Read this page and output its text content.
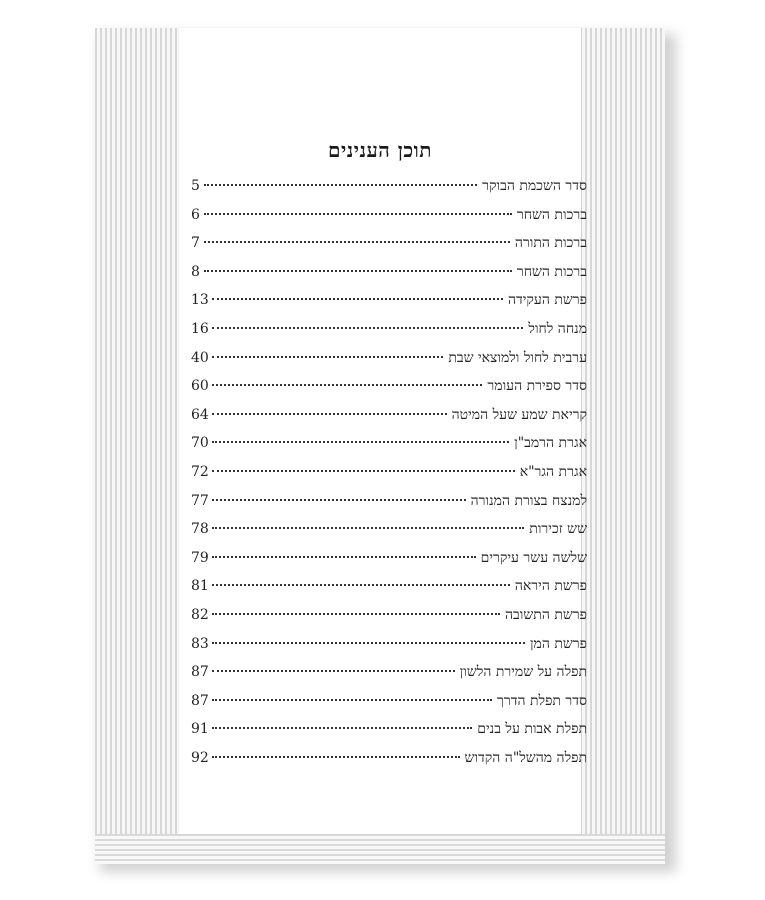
תוכן הענינים
סדר השכמת הבוקר
5
ברכות השחר
6
ברכות התורה
7
ברכות השחר
8
פרשת העקידה
13
מנחה לחול
16
ערבית לחול ולמוצאי שבת
40
סדר ספירת העומר
60
קריאת שמע שעל המיטה
64
אגרת הרמב"ן
70
אגרת הגר"א
72
למנצח בצורת המנורה
77
שש זכירות
78
שלשה עשר עיקרים
79
פרשת היראה
81
פרשת התשובה
82
פרשת המן
83
תפלה על שמירת הלשון
87
סדר תפלת הדרך
87
תפלת אבות על בנים
91
תפלה מהשל"ה הקדוש
92
